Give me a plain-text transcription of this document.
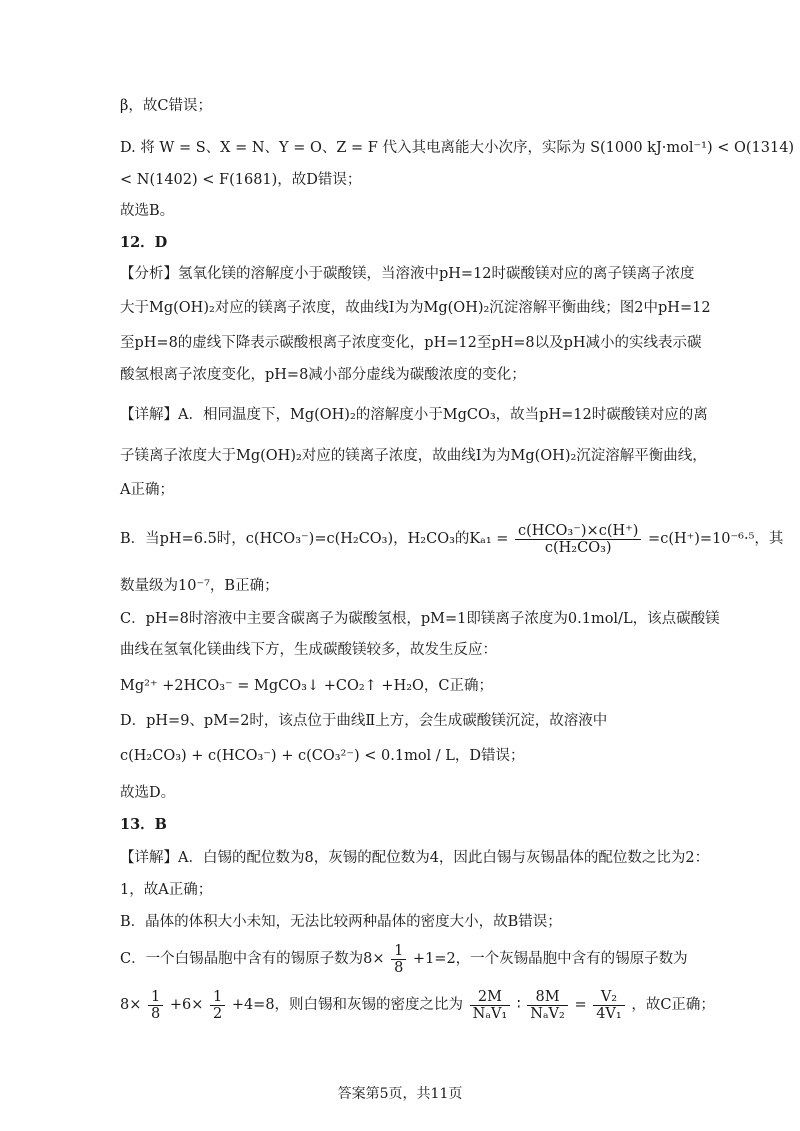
β，故C错误；
D. 将 W = S、X = N、Y = O、Z = F 代入其电离能大小次序，实际为 S(1000 kJ·mol⁻¹) < O(1314)
< N(1402) < F(1681)，故D错误；
故选B。
12．D
【分析】氢氧化镁的溶解度小于碳酸镁，当溶液中pH=12时碳酸镁对应的离子镁离子浓度
大于Mg(OH)₂对应的镁离子浓度，故曲线Ⅰ为为Mg(OH)₂沉淀溶解平衡曲线；图2中pH=12
至pH=8的虚线下降表示碳酸根离子浓度变化，pH=12至pH=8以及pH减小的实线表示碳
酸氢根离子浓度变化，pH=8减小部分虚线为碳酸浓度的变化；
【详解】A．相同温度下，Mg(OH)₂的溶解度小于MgCO₃，故当pH=12时碳酸镁对应的离
子镁离子浓度大于Mg(OH)₂对应的镁离子浓度，故曲线Ⅰ为为Mg(OH)₂沉淀溶解平衡曲线，
A正确；
B．当pH=6.5时，c(HCO₃⁻)=c(H₂CO₃)，H₂CO₃的$K_{a1} = \frac{\text{c(HCO₃⁻)×c(H⁺)}}{\text{c(H₂CO₃)}} =c(H^+)=10^{-6}\cdot^5$，其
数量级为10⁻⁷，B正确；
C．pH=8时溶液中主要含碳离子为碳酸氢根，pM=1即镁离子浓度为0.1mol/L，该点碳酸镁
曲线在氢氧化镁曲线下方，生成碳酸镁较多，故发生反应：
Mg²⁺ +2HCO₃⁻ = MgCO₃↓ +CO₂↑ +H₂O，C正确；
D．pH=9、pM=2时，该点位于曲线Ⅱ上方，会生成碳酸镁沉淀，故溶液中
c(H₂CO₃) + c(HCO₃⁻) + c(CO₃²⁻) < 0.1mol / L，D错误；
故选D。
13．B
【详解】A．白锡的配位数为8，灰锡的配位数为4，因此白锡与灰锡晶体的配位数之比为2：
1，故A正确；
B．晶体的体积大小未知，无法比较两种晶体的密度大小，故B错误；
C．一个白锡晶胞中含有的锡原子数为$8\times \frac{1}{8} +1=2$，一个灰锡晶胞中含有的锡原子数为
$8\times \frac{1}{8} +6\times \frac{1}{2} +4=8$，则白锡和灰锡的密度之比为 $\frac{2M}{\text{NₐV₁}}$ ∶ $\frac{8M}{\text{NₐV₂}} = \frac{\text{V₂}}{\text{4V₁}}$ ，故C正确；
答案第5页，共11页
